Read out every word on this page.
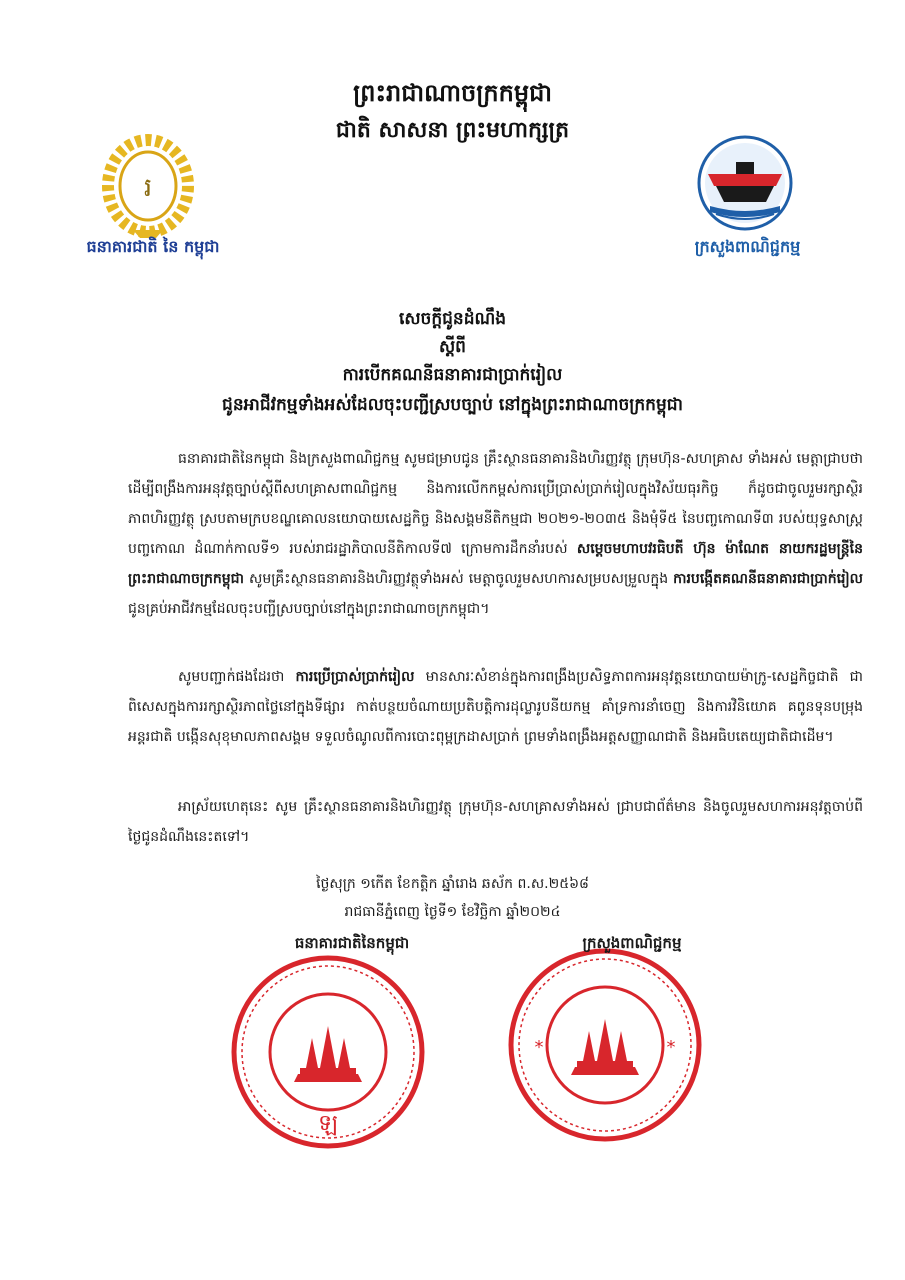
ព្រះរាជាណាចក្រកម្ពុជា
ជាតិ សាសនា ព្រះមហាក្សត្រ
រ
ធនាគារជាតិ នៃ កម្ពុជា	ក្រសួងពាណិជ្ជកម្ម
សេចក្តីជូនដំណឹង
ស្តីពី
ការបើកគណនីធនាគារជាប្រាក់រៀល
ជូនអាជីវកម្មទាំងអស់ដែលចុះបញ្ជីស្របច្បាប់ នៅក្នុងព្រះរាជាណាចក្រកម្ពុជា

ធនាគារជាតិនៃកម្ពុជា និងក្រសួងពាណិជ្ជកម្ម សូមជម្រាបជូន គ្រឹះស្ថានធនាគារនិងហិរញ្ញវត្ថុ ក្រុមហ៊ុន-សហគ្រាស ទាំងអស់ មេត្តាជ្រាបថា ដើម្បីពង្រឹងការអនុវត្តច្បាប់ស្តីពីសហគ្រាសពាណិជ្ជកម្ម និងការលើកកម្ពស់ការប្រើប្រាស់ប្រាក់រៀលក្នុងវិស័យធុរកិច្ច ក៏ដូចជាចូលរួមរក្សាស្ថិរភាពហិរញ្ញវត្ថុ ស្របតាមក្របខណ្ឌគោលនយោបាយសេដ្ឋកិច្ច និងសង្គមនីតិកម្មជា ២០២១-២០៣៥ និងមុំទី៥ នៃបញ្ចកោណទី៣ របស់យុទ្ធសាស្ត្របញ្ចកោណ ដំណាក់កាលទី១ របស់រាជរដ្ឋាភិបាលនីតិកាលទី៧ ក្រោមការដឹកនាំរបស់ សម្តេចមហាបវរធិបតី ហ៊ុន ម៉ាណែត នាយករដ្ឋមន្ត្រីនៃព្រះរាជាណាចក្រកម្ពុជា សូមគ្រឹះស្ថានធនាគារនិងហិរញ្ញវត្ថុទាំងអស់ មេត្តាចូលរួមសហការសម្របសម្រួលក្នុង ការបង្កើតគណនីធនាគារជាប្រាក់រៀល ជូនគ្រប់អាជីវកម្មដែលចុះបញ្ជីស្របច្បាប់នៅក្នុងព្រះរាជាណាចក្រកម្ពុជា។

សូមបញ្ជាក់ផងដែរថា ការប្រើប្រាស់ប្រាក់រៀល មានសារៈសំខាន់ក្នុងការពង្រឹងប្រសិទ្ធភាពការអនុវត្តនយោបាយម៉ាក្រូ-សេដ្ឋកិច្ចជាតិ ជាពិសេសក្នុងការរក្សាស្ថិរភាពថ្លៃនៅក្នុងទីផ្សារ កាត់បន្ថយចំណាយប្រតិបត្តិការដុល្លារូបនីយកម្ម គាំទ្រការនាំចេញ និងការវិនិយោគ គពូនទុនបម្រុងអន្តរជាតិ បង្កើនសុខុមាលភាពសង្គម ទទួលចំណូលពីការបោះពុម្ពក្រដាសប្រាក់ ព្រមទាំងពង្រឹងអត្តសញ្ញាណជាតិ និងអធិបតេយ្យជាតិជាដើម។

អាស្រ័យហេតុនេះ សូម គ្រឹះស្ថានធនាគារនិងហិរញ្ញវត្ថុ ក្រុមហ៊ុន-សហគ្រាសទាំងអស់ ជ្រាបជាព័ត៌មាន និងចូលរួមសហការអនុវត្តចាប់ពីថ្ងៃជូនដំណឹងនេះតទៅ។

ថ្ងៃសុក្រ ១កើត ខែកត្តិក ឆ្នាំរោង ឆស័ក ព.ស.២៥៦៨
រាជធានីភ្នំពេញ ថ្ងៃទី១ ខែវិច្ឆិកា ឆ្នាំ២០២៤
ឡ
*	*
ធនាគារជាតិនៃកម្ពុជា	ក្រសួងពាណិជ្ជកម្ម
